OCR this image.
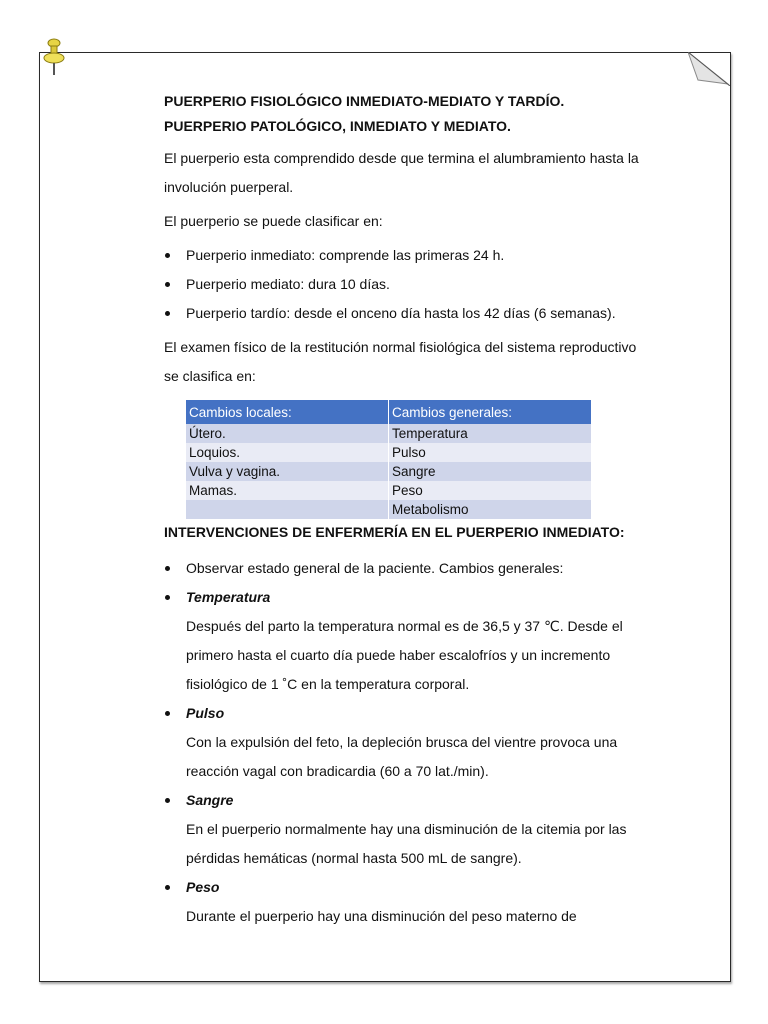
PUERPERIO FISIOLÓGICO INMEDIATO-MEDIATO Y TARDÍO.

PUERPERIO PATOLÓGICO, INMEDIATO Y MEDIATO.

El puerperio esta comprendido desde que termina el alumbramiento hasta la

involución puerperal.

El puerperio se puede clasificar en:

Puerperio inmediato: comprende las primeras 24 h.
Puerperio mediato: dura 10 días.
Puerperio tardío: desde el onceno día hasta los 42 días (6 semanas).

El examen físico de la restitución normal fisiológica del sistema reproductivo

se clasifica en:

Cambios locales:	Cambios generales:
Útero.	Temperatura
Loquios.	Pulso
Vulva y vagina.	Sangre
Mamas.	Peso
	Metabolismo

INTERVENCIONES DE ENFERMERÍA EN EL PUERPERIO INMEDIATO:

Observar estado general de la paciente. Cambios generales:
Temperatura
Después del parto la temperatura normal es de 36,5 y 37 ℃. Desde el
primero hasta el cuarto día puede haber escalofríos y un incremento
fisiológico de 1 ˚C en la temperatura corporal.
Pulso
Con la expulsión del feto, la depleción brusca del vientre provoca una
reacción vagal con bradicardia (60 a 70 lat./min).
Sangre
En el puerperio normalmente hay una disminución de la citemia por las
pérdidas hemáticas (normal hasta 500 mL de sangre).
Peso
Durante el puerperio hay una disminución del peso materno de
